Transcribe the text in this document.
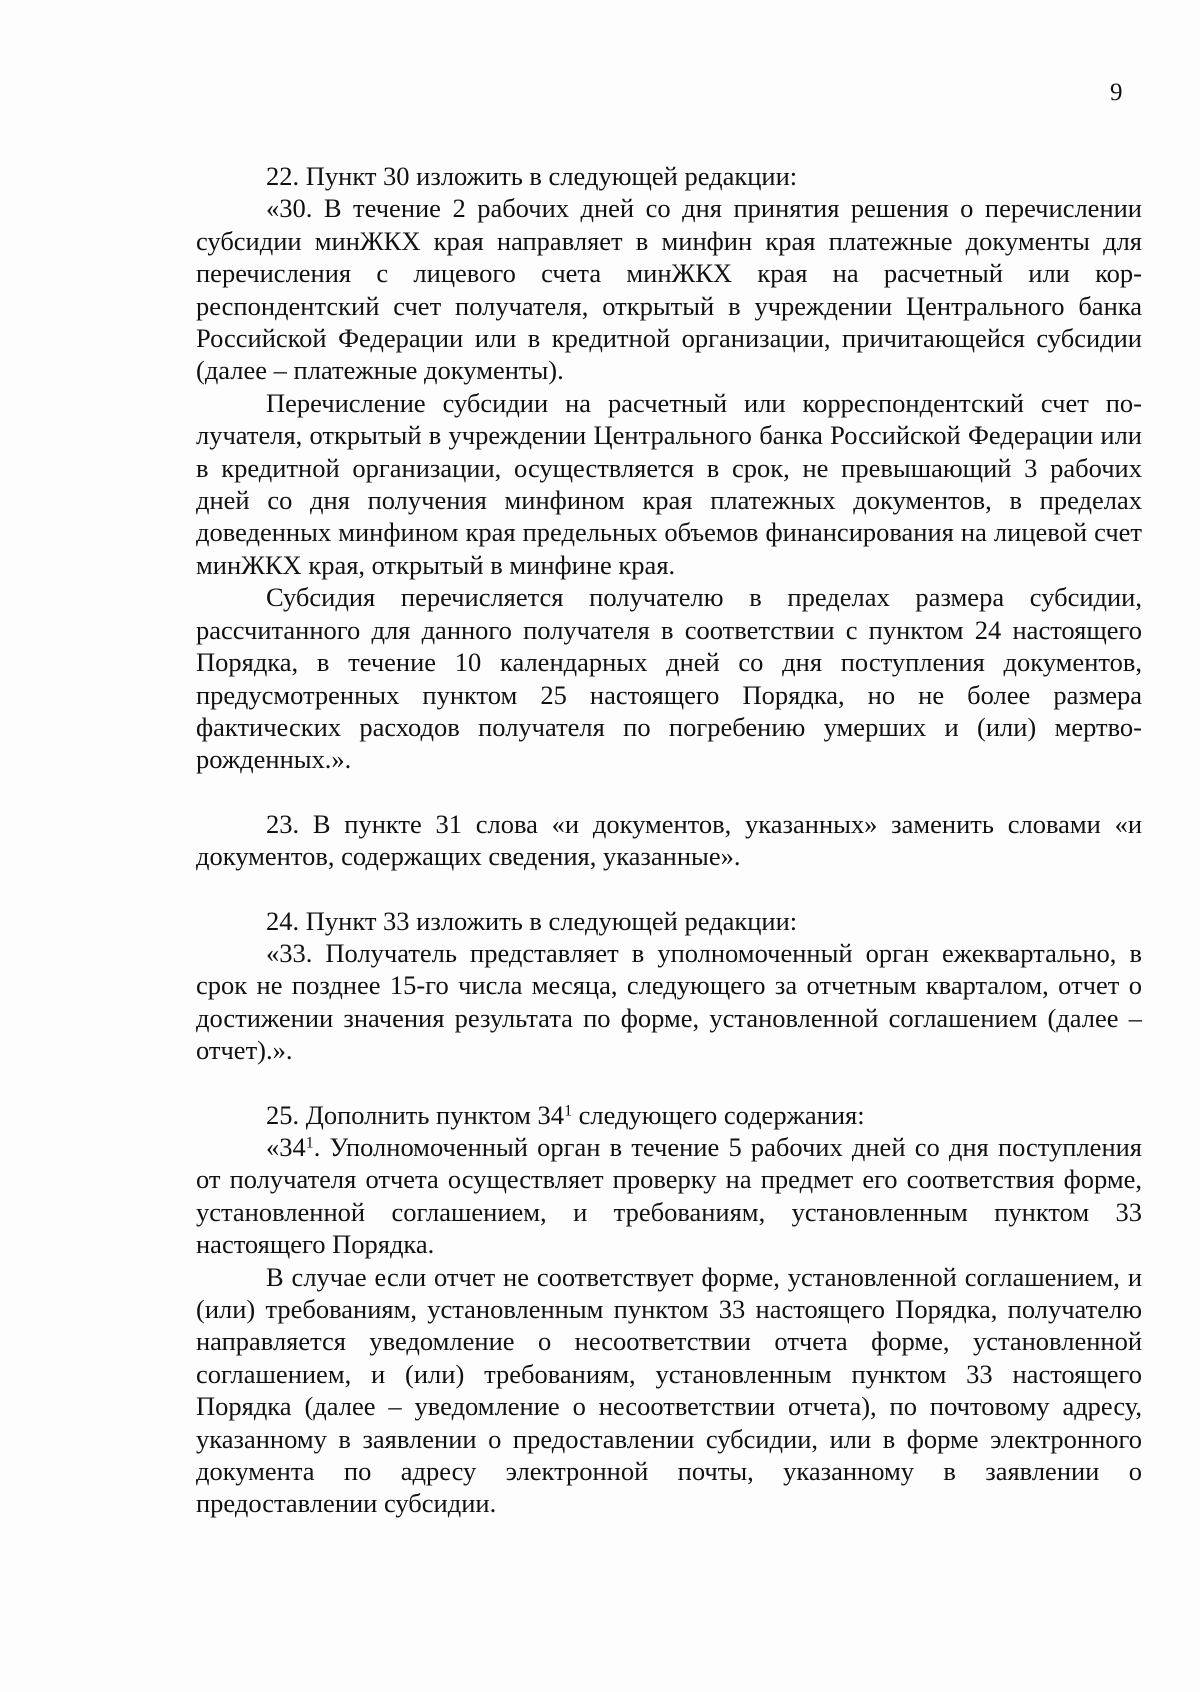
9

22. Пункт 30 изложить в следующей редакции:

«30. В течение 2 рабочих дней со дня принятия решения о перечислении субсидии минЖКХ края направляет в минфин края платежные документы для перечисления с лицевого счета минЖКХ края на расчетный или корреспондентский счет получателя, открытый в учреждении Центрального банка Российской Федерации или в кредитной организации, причитающейся субсидии (далее – платежные документы).

Перечисление субсидии на расчетный или корреспондентский счет получателя, открытый в учреждении Центрального банка Российской Федерации или в кредитной организации, осуществляется в срок, не превышающий 3 рабочих дней со дня получения минфином края платежных документов, в пределах доведенных минфином края предельных объемов финансирования на лицевой счет минЖКХ края, открытый в минфине края.

Субсидия перечисляется получателю в пределах размера субсидии, рассчитанного для данного получателя в соответствии с пунктом 24 настоящего Порядка, в течение 10 календарных дней со дня поступления документов, предусмотренных пунктом 25 настоящего Порядка, но не более размера фактических расходов получателя по погребению умерших и (или) мертворожденных.».

23. В пункте 31 слова «и документов, указанных» заменить словами «и документов, содержащих сведения, указанные».

24. Пункт 33 изложить в следующей редакции:

«33. Получатель представляет в уполномоченный орган ежеквартально, в срок не позднее 15-го числа месяца, следующего за отчетным кварталом, отчет о достижении значения результата по форме, установленной соглашением (далее – отчет).».

25. Дополнить пунктом $34^1$ следующего содержания:

«$34^1$. Уполномоченный орган в течение 5 рабочих дней со дня поступления от получателя отчета осуществляет проверку на предмет его соответствия форме, установленной соглашением, и требованиям, установленным пунктом 33 настоящего Порядка.

В случае если отчет не соответствует форме, установленной соглашением, и (или) требованиям, установленным пунктом 33 настоящего Порядка, получателю направляется уведомление о несоответствии отчета форме, установленной соглашением, и (или) требованиям, установленным пунктом 33 настоящего Порядка (далее – уведомление о несоответствии отчета), по почтовому адресу, указанному в заявлении о предоставлении субсидии, или в форме электронного документа по адресу электронной почты, указанному в заявлении о предоставлении субсидии.
